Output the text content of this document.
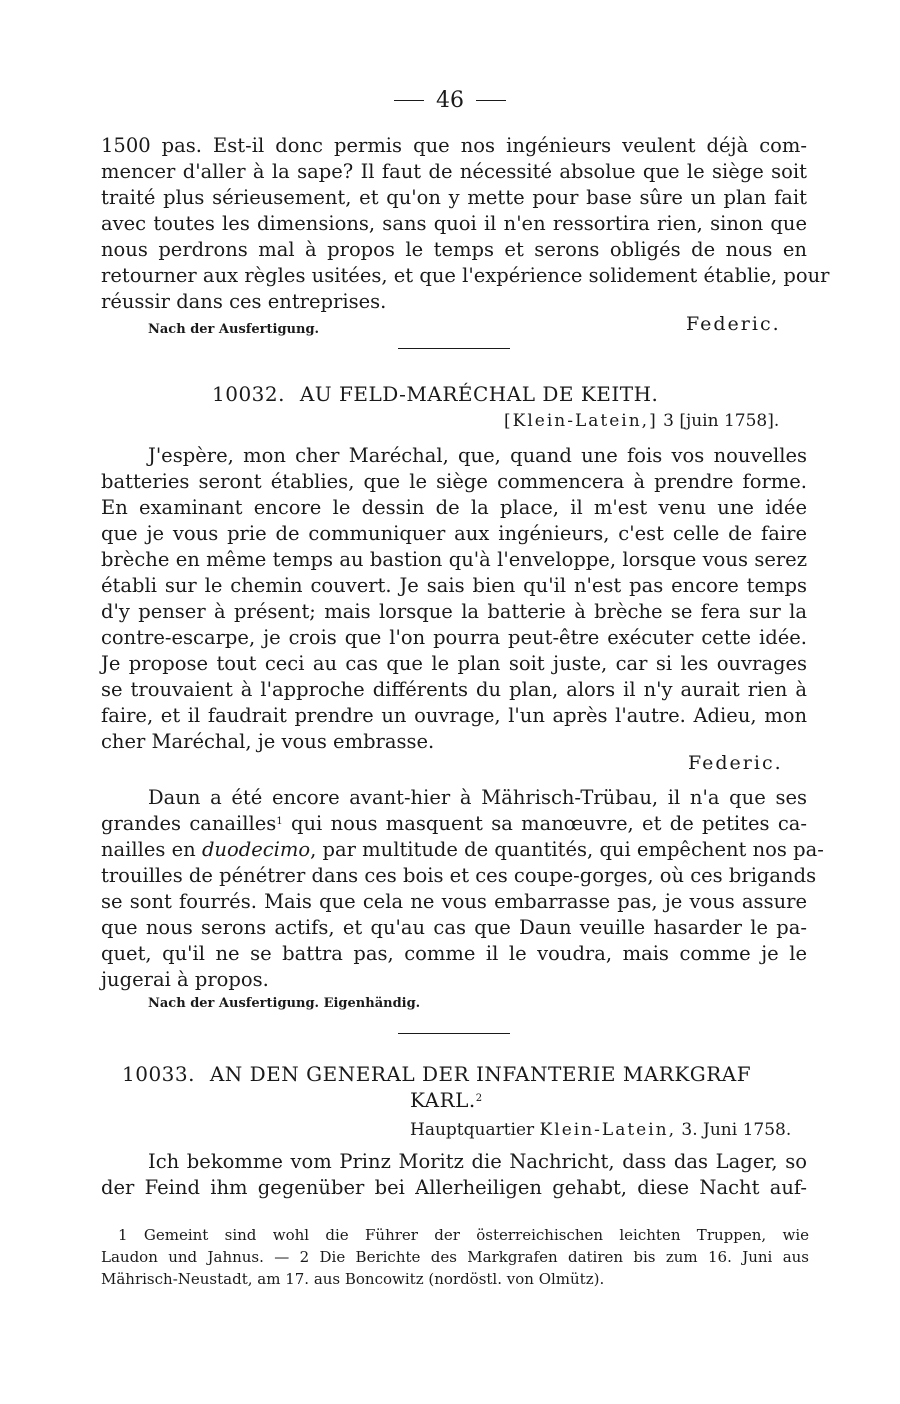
46
1500 pas. Est-il donc permis que nos ingénieurs veulent déjà com-
mencer d'aller à la sape? Il faut de nécessité absolue que le siège soit
traité plus sérieusement, et qu'on y mette pour base sûre un plan fait
avec toutes les dimensions, sans quoi il n'en ressortira rien, sinon que
nous perdrons mal à propos le temps et serons obligés de nous en
retourner aux règles usitées, et que l'expérience solidement établie, pour
réussir dans ces entreprises.
Nach der Ausfertigung.	Federic.
10032. AU FELD-MARÉCHAL DE KEITH.
[Klein-Latein,] 3 [juin 1758].
J'espère, mon cher Maréchal, que, quand une fois vos nouvelles
batteries seront établies, que le siège commencera à prendre forme.
En examinant encore le dessin de la place, il m'est venu une idée
que je vous prie de communiquer aux ingénieurs, c'est celle de faire
brèche en même temps au bastion qu'à l'enveloppe, lorsque vous serez
établi sur le chemin couvert. Je sais bien qu'il n'est pas encore temps
d'y penser à présent; mais lorsque la batterie à brèche se fera sur la
contre-escarpe, je crois que l'on pourra peut-être exécuter cette idée.
Je propose tout ceci au cas que le plan soit juste, car si les ouvrages
se trouvaient à l'approche différents du plan, alors il n'y aurait rien à
faire, et il faudrait prendre un ouvrage, l'un après l'autre. Adieu, mon
cher Maréchal, je vous embrasse.
Federic.
Daun a été encore avant-hier à Mährisch-Trübau, il n'a que ses
grandes canailles$^1$ qui nous masquent sa manœuvre, et de petites ca-
nailles en duodecimo, par multitude de quantités, qui empêchent nos pa-
trouilles de pénétrer dans ces bois et ces coupe-gorges, où ces brigands
se sont fourrés. Mais que cela ne vous embarrasse pas, je vous assure
que nous serons actifs, et qu'au cas que Daun veuille hasarder le pa-
quet, qu'il ne se battra pas, comme il le voudra, mais comme je le
jugerai à propos.
Nach der Ausfertigung. Eigenhändig.
10033. AN DEN GENERAL DER INFANTERIE MARKGRAF
KARL.$^2$
Hauptquartier Klein-Latein, 3. Juni 1758.
Ich bekomme vom Prinz Moritz die Nachricht, dass das Lager, so
der Feind ihm gegenüber bei Allerheiligen gehabt, diese Nacht auf-
1 Gemeint sind wohl die Führer der österreichischen leichten Truppen, wie
Laudon und Jahnus. — 2 Die Berichte des Markgrafen datiren bis zum 16. Juni aus
Mährisch-Neustadt, am 17. aus Boncowitz (nordöstl. von Olmütz).
